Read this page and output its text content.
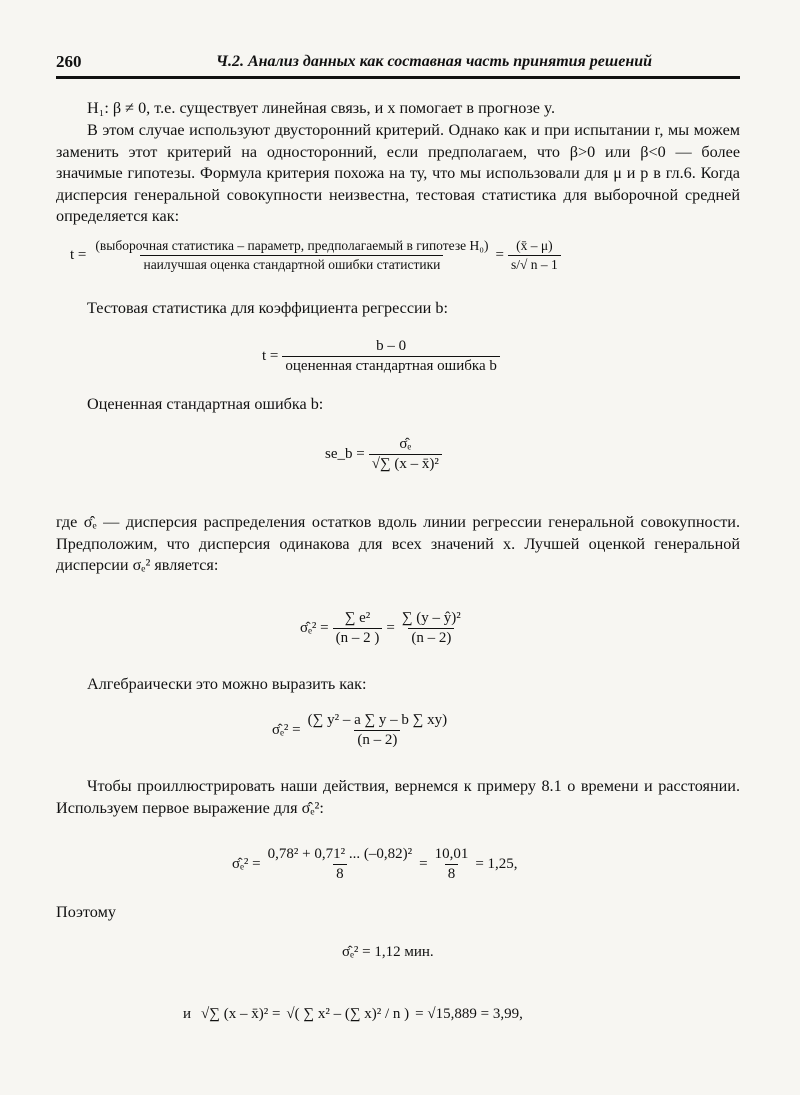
260	Ч.2. Анализ данных как составная часть принятия решений

H₁: β ≠ 0, т.е. существует линейная связь, и x помогает в прогнозе y.

В этом случае используют двусторонний критерий. Однако как и при испытании r, мы можем заменить этот критерий на односторонний, если предполагаем, что β>0 или β<0 — более значимые гипотезы. Формула критерия похожа на ту, что мы использовали для μ и p в гл.6. Когда дисперсия генеральной совокупности неизвестна, тестовая статистика для выборочной средней определяется как:

t =
(выборочная статистика – параметр, предполагаемый в гипотезе H₀)
наилучшая оценка стандартной ошибки статистики
= $\frac{(x̄ - \mu)}{s/√ n - 1}$

Тестовая статистика для коэффициента регрессии b:

$t = \frac{b - 0}{\text{оцененная стандартная ошибка b}}$

Оцененная стандартная ошибка b:

se_b = $\frac{\text{σ̂ₑ}}{\text{√∑ (x – x̄)²}}$

где σ̂ₑ — дисперсия распределения остатков вдоль линии регрессии генеральной совокупности. Предположим, что дисперсия одинакова для всех значений x. Лучшей оценкой генеральной дисперсии σₑ² является:

σ̂ₑ² = $\frac{\text{∑ e²}}{(n - 2 )} = \frac{\text{∑ (y – ŷ)²}}{(n - 2)}$

Алгебраически это можно выразить как:

σ̂ₑ² = $\frac{\text{(∑ y² – a ∑ y – b ∑ xy)}}{(n - 2)}$

Чтобы проиллюстрировать наши действия, вернемся к примеру 8.1 о времени и расстоянии. Используем первое выражение для σ̂ₑ²:

σ̂ₑ² = $\frac{\text{0,78² + 0,71² ... (–0,82)²}}{8} = \frac{10,01}{8} = 1,25$,

Поэтому

σ̂ₑ² = 1,12 мин.
и √∑ (x – x̄)² = √( ∑ x² – (∑ x)² / n ) = √15,889 = 3,99,
